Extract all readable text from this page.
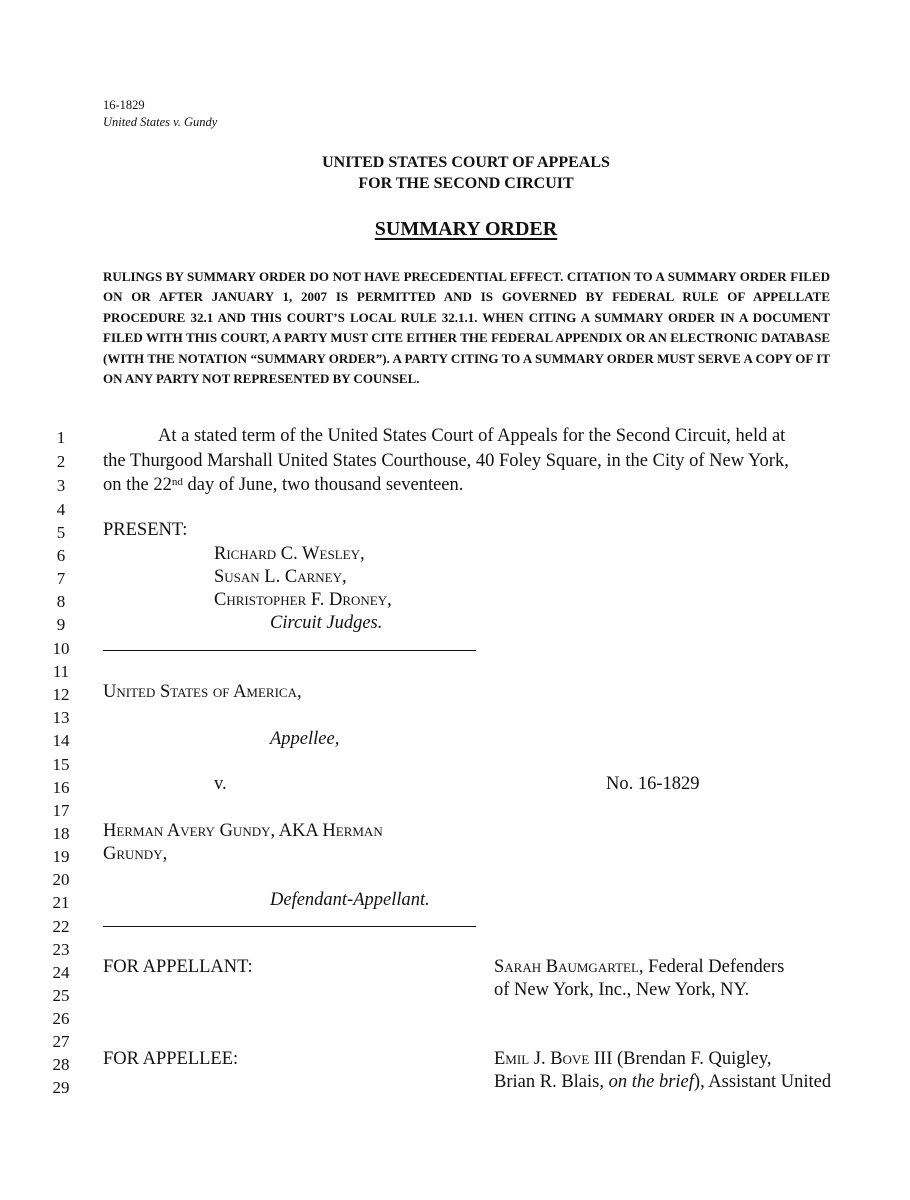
16-1829
United States v. Gundy
UNITED STATES COURT OF APPEALS
FOR THE SECOND CIRCUIT
SUMMARY ORDER
RULINGS BY SUMMARY ORDER DO NOT HAVE PRECEDENTIAL EFFECT. CITATION TO A SUMMARY ORDER FILED ON OR AFTER JANUARY 1, 2007 IS PERMITTED AND IS GOVERNED BY FEDERAL RULE OF APPELLATE PROCEDURE 32.1 AND THIS COURT’S LOCAL RULE 32.1.1. WHEN CITING A SUMMARY ORDER IN A DOCUMENT FILED WITH THIS COURT, A PARTY MUST CITE EITHER THE FEDERAL APPENDIX OR AN ELECTRONIC DATABASE (WITH THE NOTATION “SUMMARY ORDER”). A PARTY CITING TO A SUMMARY ORDER MUST SERVE A COPY OF IT ON ANY PARTY NOT REPRESENTED BY COUNSEL.
1
2
3
4
5
6
7
8
9
10
11
12
13
14
15
16
17
18
19
20
21
22
23
24
25
26
27
28
29
At a stated term of the United States Court of Appeals for the Second Circuit, held at
the Thurgood Marshall United States Courthouse, 40 Foley Square, in the City of New York,
on the 22nd day of June, two thousand seventeen.
PRESENT:
Richard C. Wesley,
Susan L. Carney,
Christopher F. Droney,
Circuit Judges.
United States of America,
Appellee,
v.	No. 16-1829
Herman Avery Gundy, AKA Herman
Grundy,
Defendant-Appellant.
FOR APPELLANT:	Sarah Baumgartel, Federal Defenders
of New York, Inc., New York, NY.
FOR APPELLEE:	Emil J. Bove III (Brendan F. Quigley,
Brian R. Blais, on the brief), Assistant United
